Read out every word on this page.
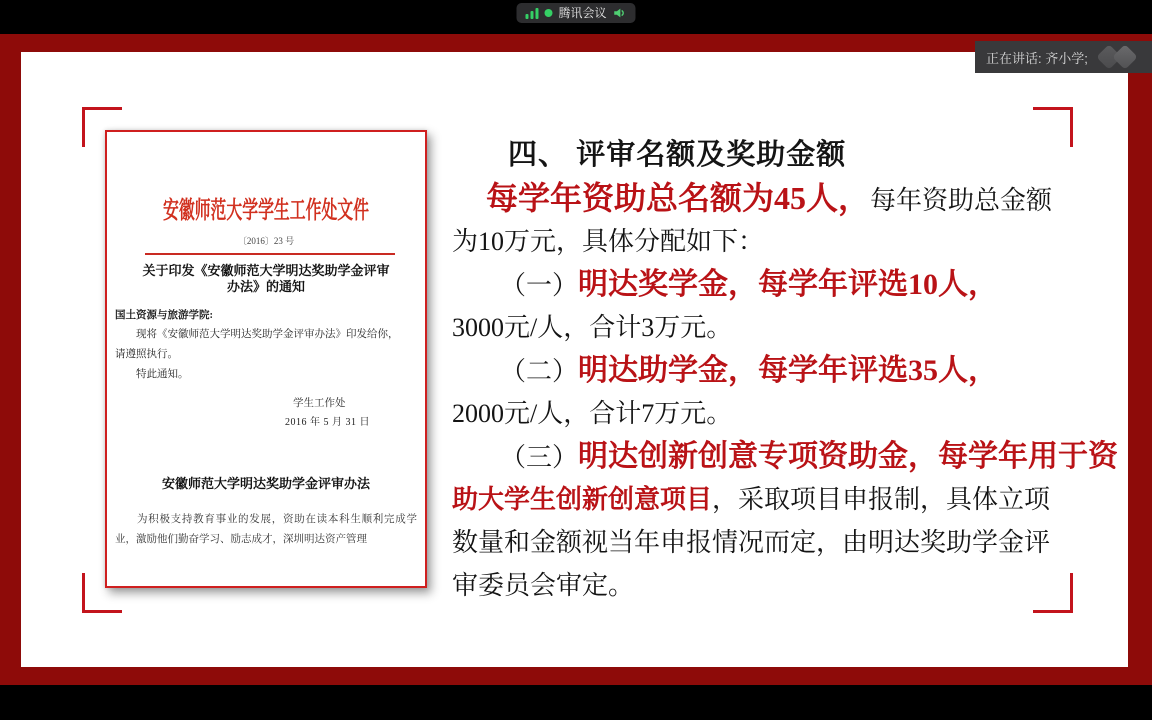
腾讯会议
安徽师范大学学生工作处文件
〔2016〕23 号
关于印发《安徽师范大学明达奖助学金评审办法》的通知
国土资源与旅游学院:
现将《安徽师范大学明达奖助学金评审办法》印发给你，
请遵照执行。
特此通知。
学生工作处
2016 年 5 月 31 日
安徽师范大学明达奖助学金评审办法
为积极支持教育事业的发展，资助在读本科生顺利完成学业，激励他们勤奋学习、励志成才，深圳明达资产管理
四、 评审名额及奖助金额
每学年资助总名额为45人，每年资助总金额
为10万元，具体分配如下：
（一）明达奖学金，每学年评选10人，
3000元/人，合计3万元。
（二）明达助学金，每学年评选35人，
2000元/人，合计7万元。
（三）明达创新创意专项资助金，每学年用于资
助大学生创新创意项目，采取项目申报制，具体立项
数量和金额视当年申报情况而定，由明达奖助学金评
审委员会审定。
正在讲话: 齐小学;
